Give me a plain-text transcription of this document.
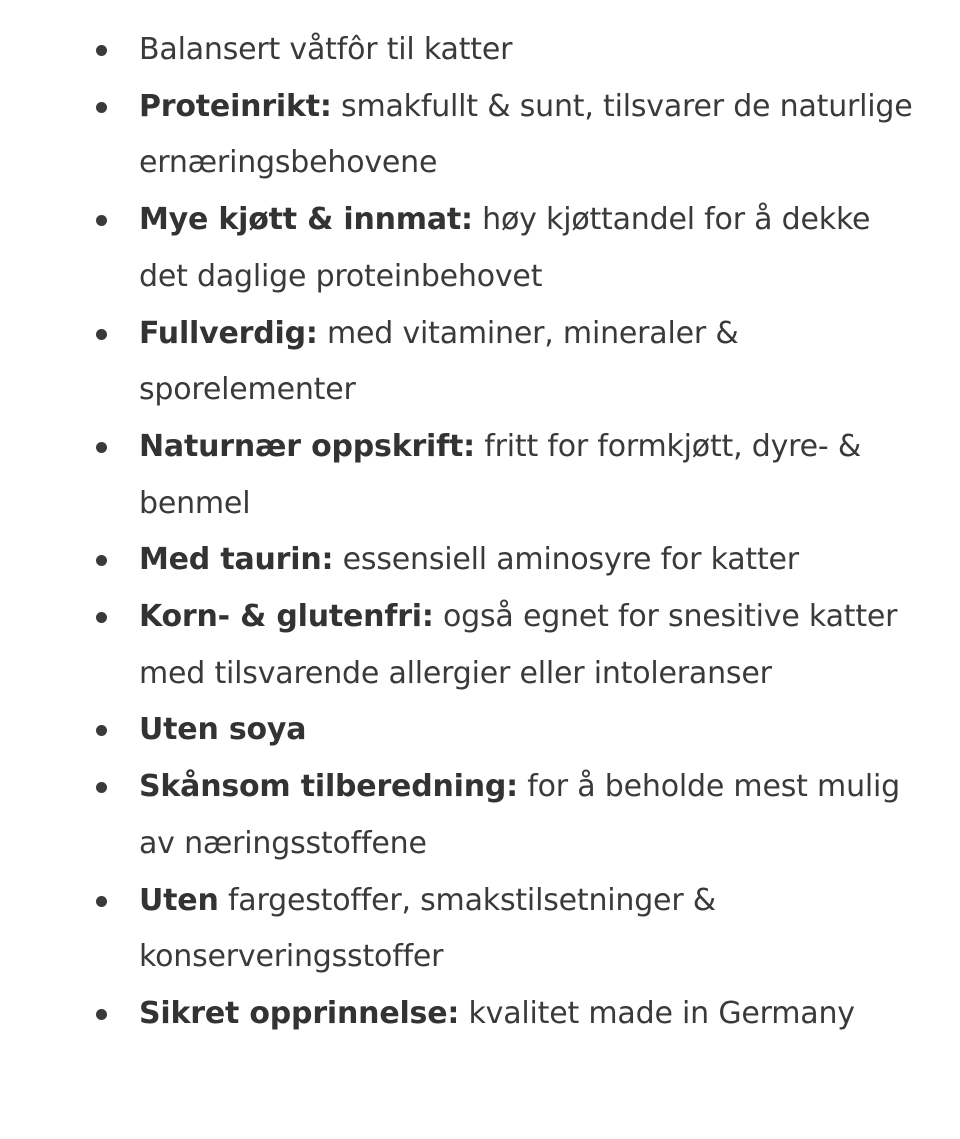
Balansert våtfôr til katter
Proteinrikt: smakfullt & sunt, tilsvarer de naturlige ernæringsbehovene
Mye kjøtt & innmat: høy kjøttandel for å dekke det daglige proteinbehovet
Fullverdig: med vitaminer, mineraler & sporelementer
Naturnær oppskrift: fritt for formkjøtt, dyre- & benmel
Med taurin: essensiell aminosyre for katter
Korn- & glutenfri: også egnet for snesitive katter med tilsvarende allergier eller intoleranser
Uten soya
Skånsom tilberedning: for å beholde mest mulig av næringsstoffene
Uten fargestoffer, smakstilsetninger & konserveringsstoffer
Sikret opprinnelse: kvalitet made in Germany
